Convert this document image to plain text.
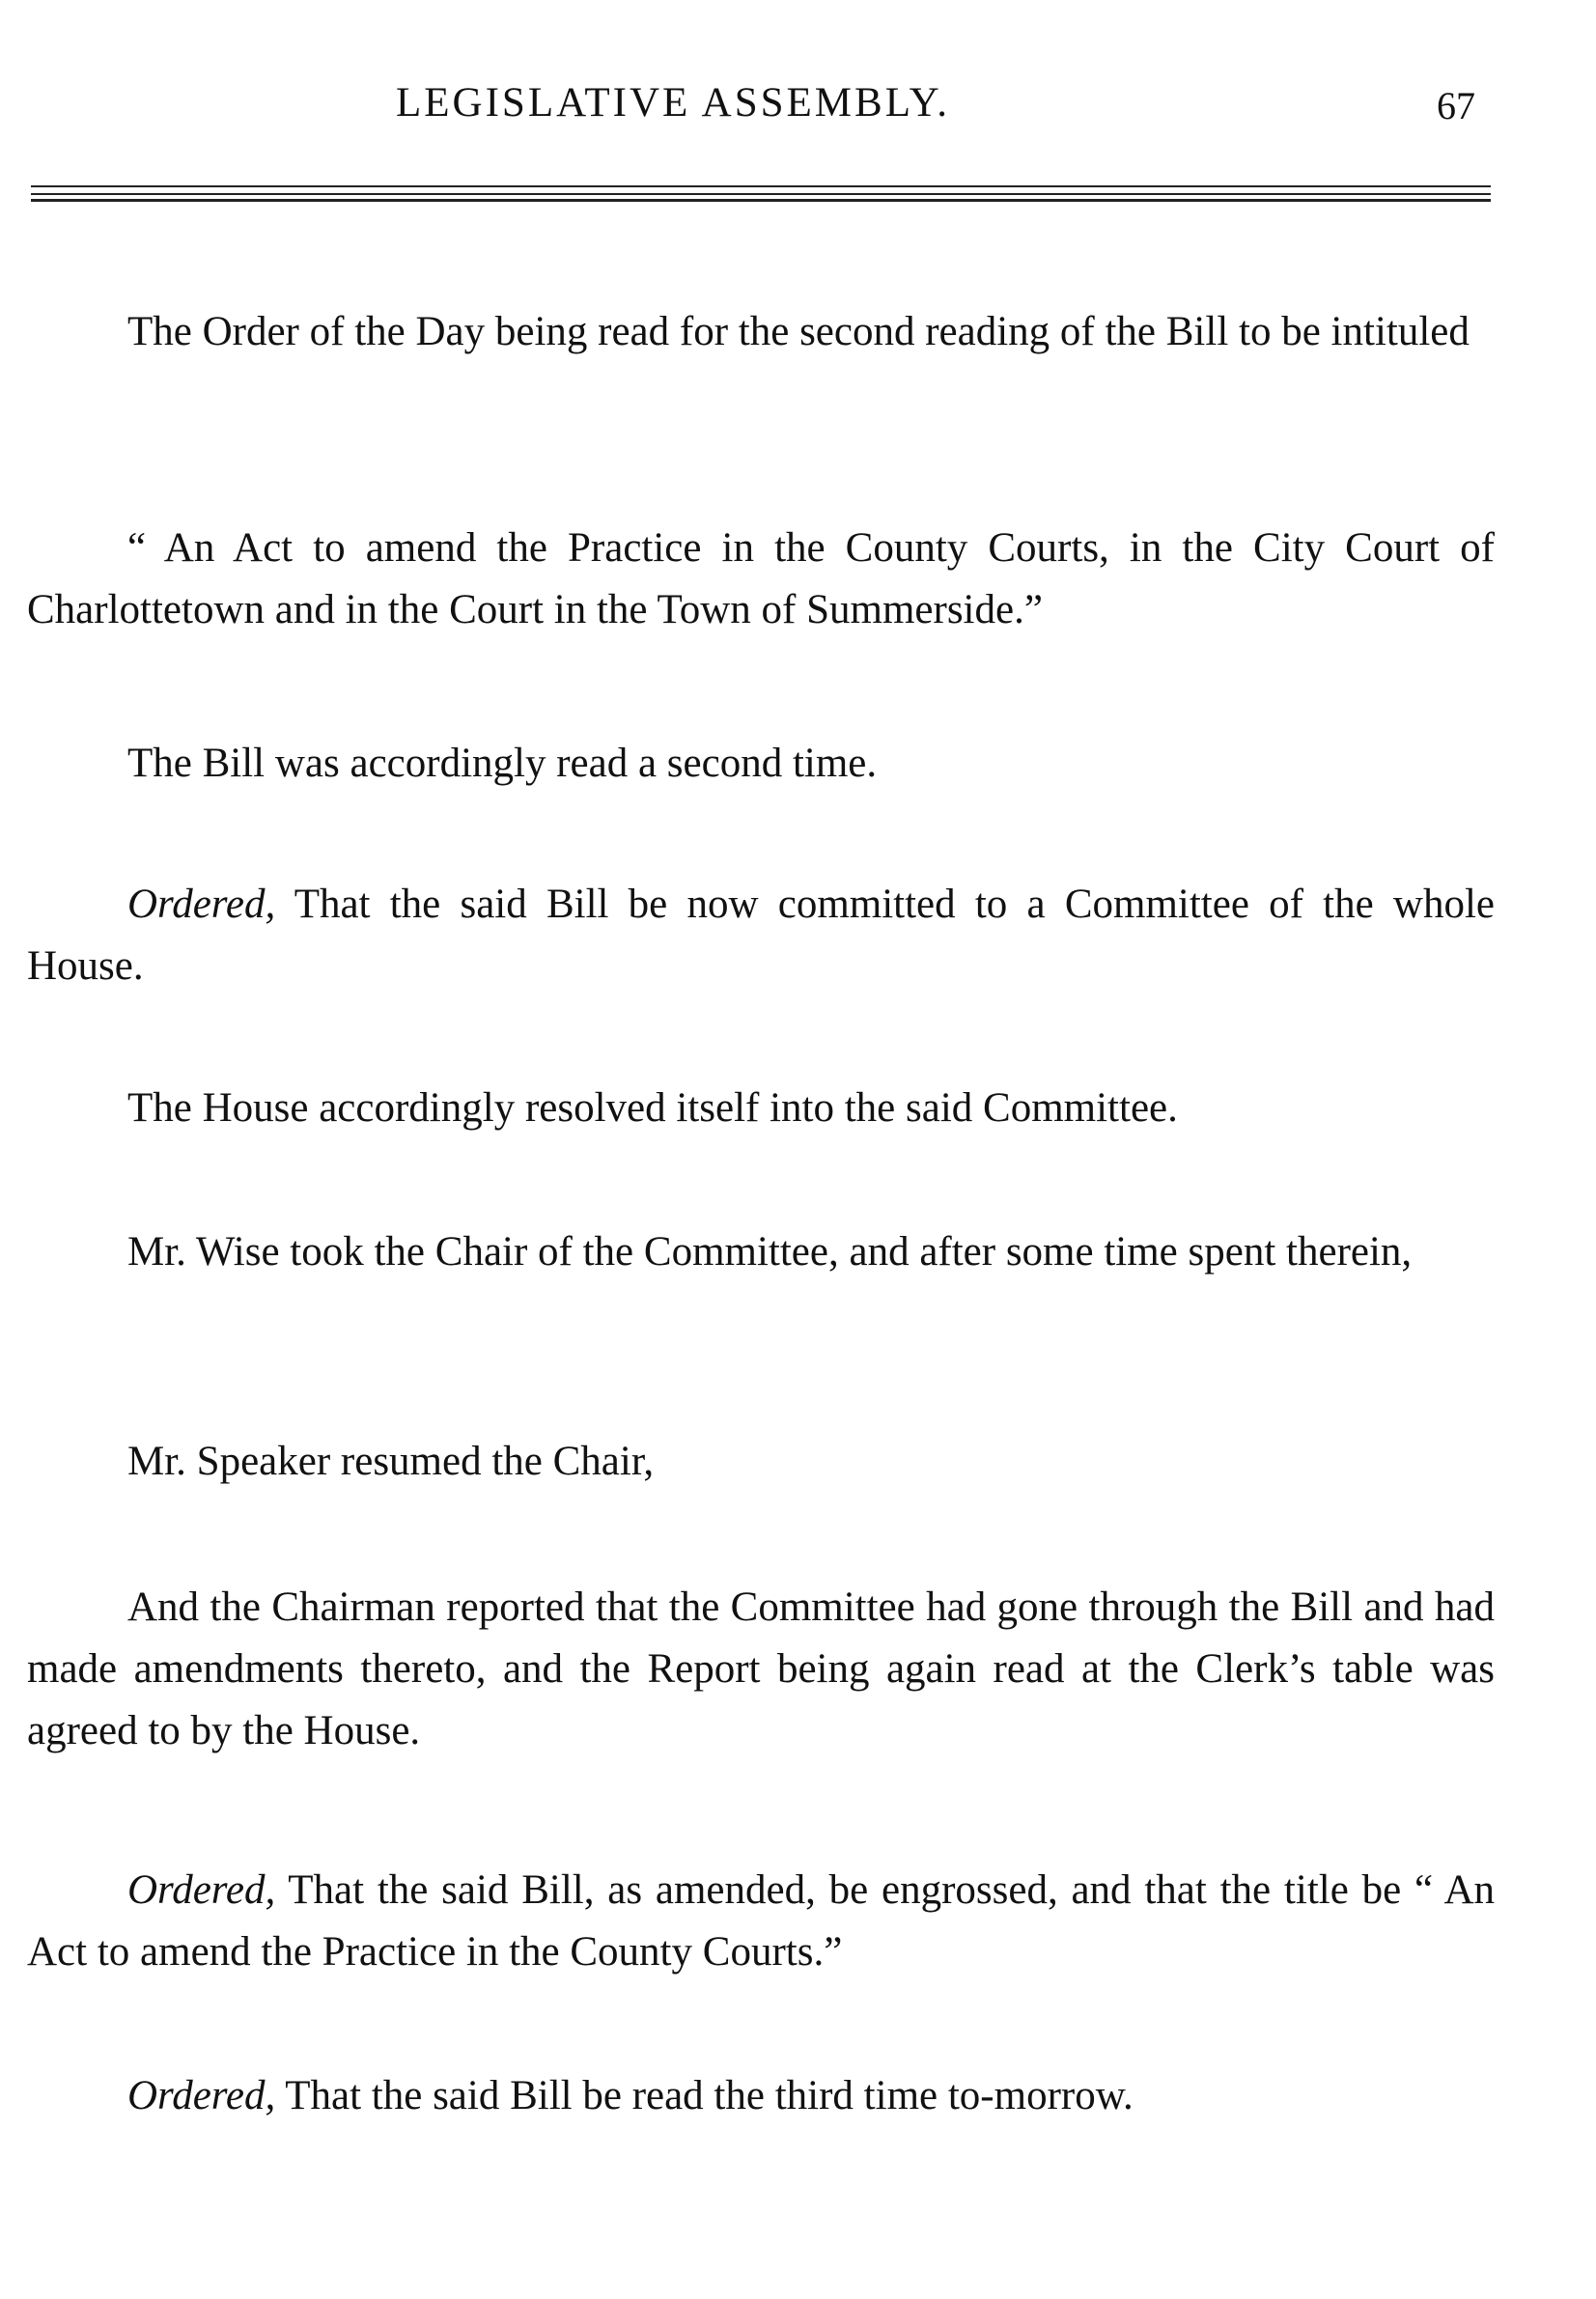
LEGISLATIVE ASSEMBLY.	67

The Order of the Day being read for the second reading of the Bill to be intituled

“ An Act to amend the Practice in the County Courts, in the City Court of Charlottetown and in the Court in the Town of Summerside.”

The Bill was accordingly read a second time.

Ordered, That the said Bill be now committed to a Committee of the whole House.

The House accordingly resolved itself into the said Committee.

Mr. Wise took the Chair of the Committee, and after some time spent therein,

Mr. Speaker resumed the Chair,

And the Chairman reported that the Committee had gone through the Bill and had made amendments thereto, and the Report being again read at the Clerk’s table was agreed to by the House.

Ordered, That the said Bill, as amended, be engrossed, and that the title be “ An Act to amend the Practice in the County Courts.”

Ordered, That the said Bill be read the third time to-morrow.
